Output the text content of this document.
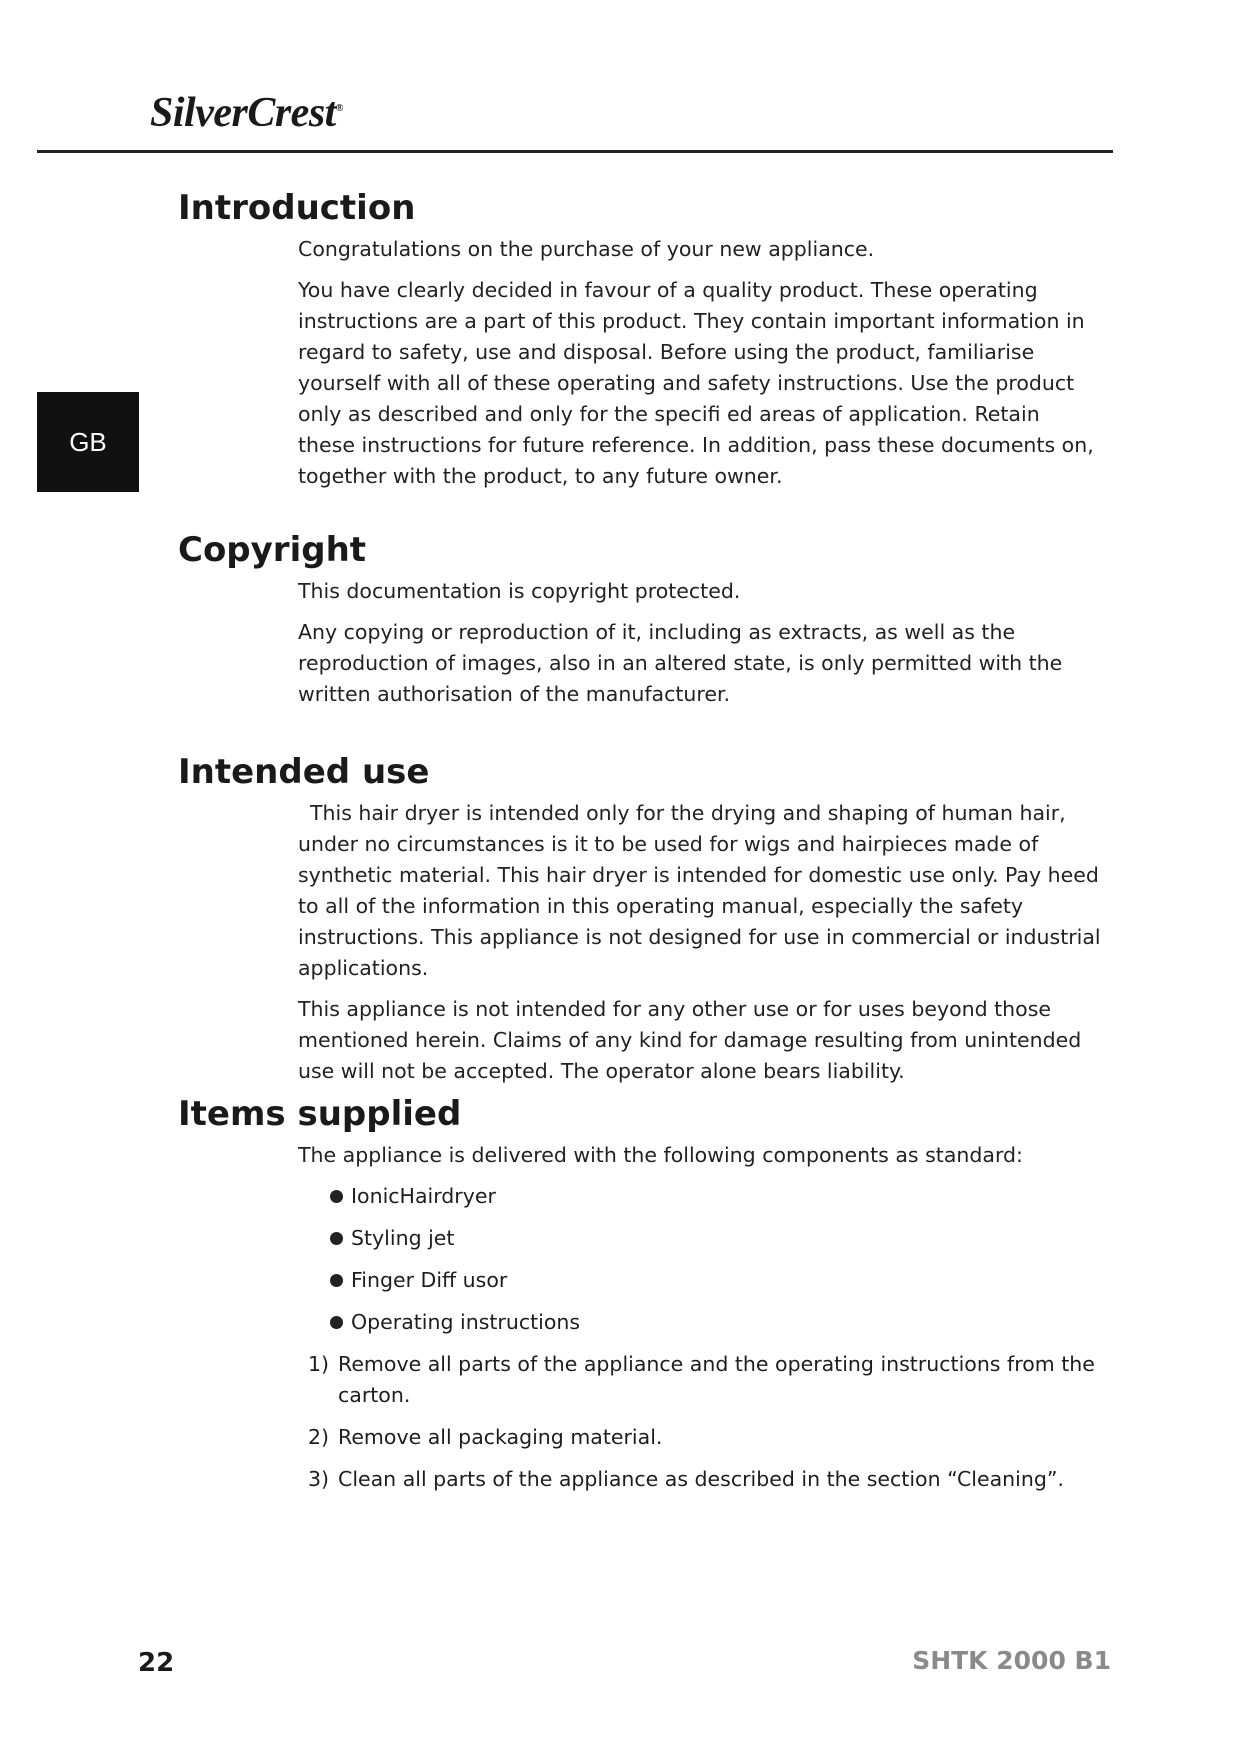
SilverCrest®
GB
Introduction

Congratulations on the purchase of your new appliance.

You have clearly decided in favour of a quality product. These operating instructions are a part of this product. They contain important information in regard to safety, use and disposal. Before using the product, familiarise yourself with all of these operating and safety instructions. Use the product only as described and only for the specifi ed areas of application. Retain these instructions for future reference. In addition, pass these documents on, together with the product, to any future owner.

Copyright

This documentation is copyright protected.

Any copying or reproduction of it, including as extracts, as well as the reproduction of images, also in an altered state, is only permitted with the written authorisation of the manufacturer.

Intended use

This hair dryer is intended only for the drying and shaping of human hair, under no circumstances is it to be used for wigs and hairpieces made of synthetic material. This hair dryer is intended for domestic use only. Pay heed to all of the information in this operating manual, especially the safety instructions. This appliance is not designed for use in commercial or industrial applications.

This appliance is not intended for any other use or for uses beyond those mentioned herein. Claims of any kind for damage resulting from unintended use will not be accepted. The operator alone bears liability.

Items supplied

The appliance is delivered with the following components as standard:

IonicHairdryer
Styling jet
Finger Diff usor
Operating instructions
1) Remove all parts of the appliance and the operating instructions from the carton.
2) Remove all packaging material.
3) Clean all parts of the appliance as described in the section “Cleaning”.
22	SHTK 2000 B1
